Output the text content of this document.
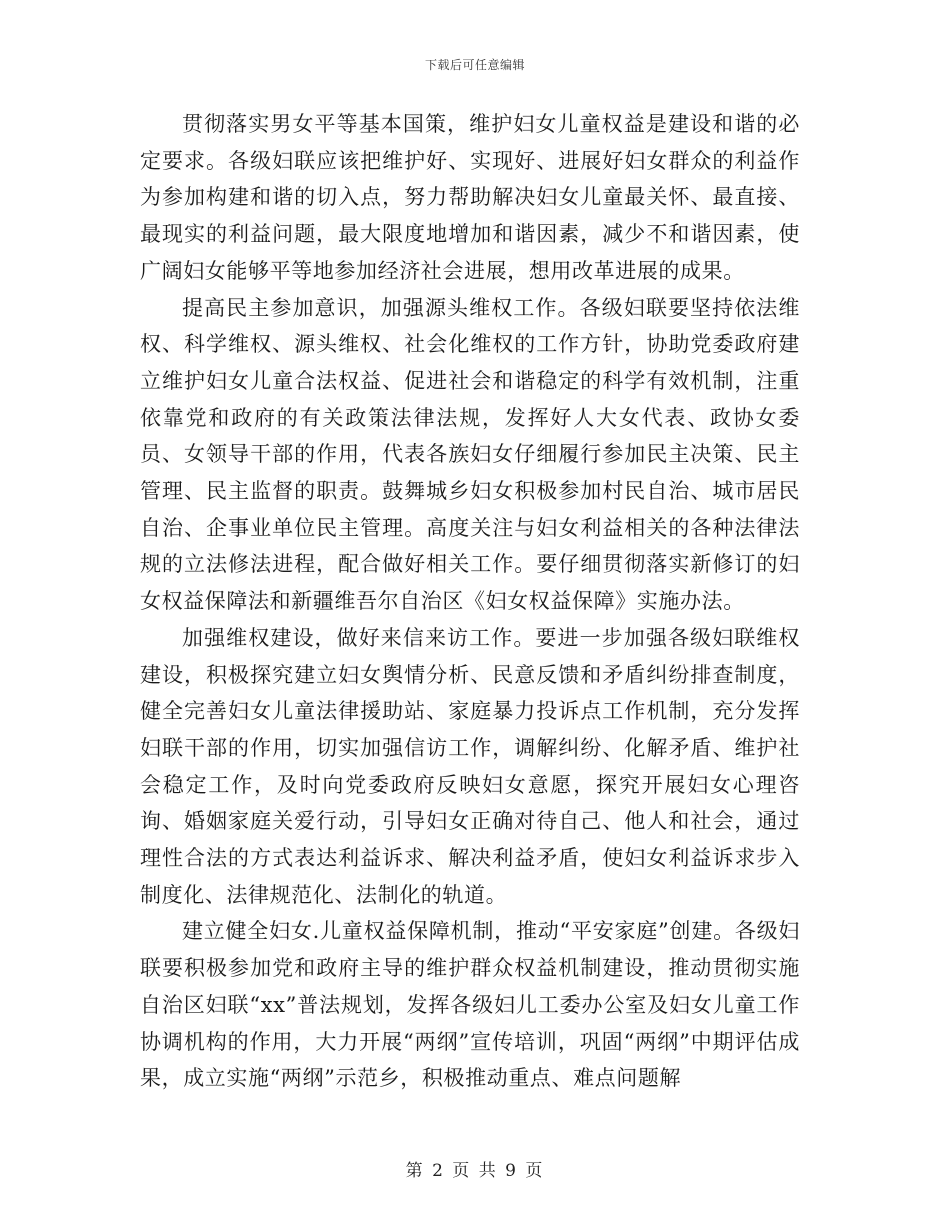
下载后可任意编辑

贯彻落实男女平等基本国策，维护妇女儿童权益是建设和谐的必定要求。各级妇联应该把维护好、实现好、进展好妇女群众的利益作为参加构建和谐的切入点，努力帮助解决妇女儿童最关怀、最直接、最现实的利益问题，最大限度地增加和谐因素，减少不和谐因素，使广阔妇女能够平等地参加经济社会进展，想用改革进展的成果。

提高民主参加意识，加强源头维权工作。各级妇联要坚持依法维权、科学维权、源头维权、社会化维权的工作方针，协助党委政府建立维护妇女儿童合法权益、促进社会和谐稳定的科学有效机制，注重依靠党和政府的有关政策法律法规，发挥好人大女代表、政协女委员、女领导干部的作用，代表各族妇女仔细履行参加民主决策、民主管理、民主监督的职责。鼓舞城乡妇女积极参加村民自治、城市居民自治、企事业单位民主管理。高度关注与妇女利益相关的各种法律法规的立法修法进程，配合做好相关工作。要仔细贯彻落实新修订的妇女权益保障法和新疆维吾尔自治区《妇女权益保障》实施办法。

加强维权建设，做好来信来访工作。要进一步加强各级妇联维权建设，积极探究建立妇女舆情分析、民意反馈和矛盾纠纷排查制度，健全完善妇女儿童法律援助站、家庭暴力投诉点工作机制，充分发挥妇联干部的作用，切实加强信访工作，调解纠纷、化解矛盾、维护社会稳定工作，及时向党委政府反映妇女意愿，探究开展妇女心理咨询、婚姻家庭关爱行动，引导妇女正确对待自己、他人和社会，通过理性合法的方式表达利益诉求、解决利益矛盾，使妇女利益诉求步入制度化、法律规范化、法制化的轨道。

建立健全妇女.儿童权益保障机制，推动“平安家庭”创建。各级妇联要积极参加党和政府主导的维护群众权益机制建设，推动贯彻实施自治区妇联“xx”普法规划，发挥各级妇儿工委办公室及妇女儿童工作协调机构的作用，大力开展“两纲”宣传培训，巩固“两纲”中期评估成果，成立实施“两纲”示范乡，积极推动重点、难点问题解

第 2 页 共 9 页
